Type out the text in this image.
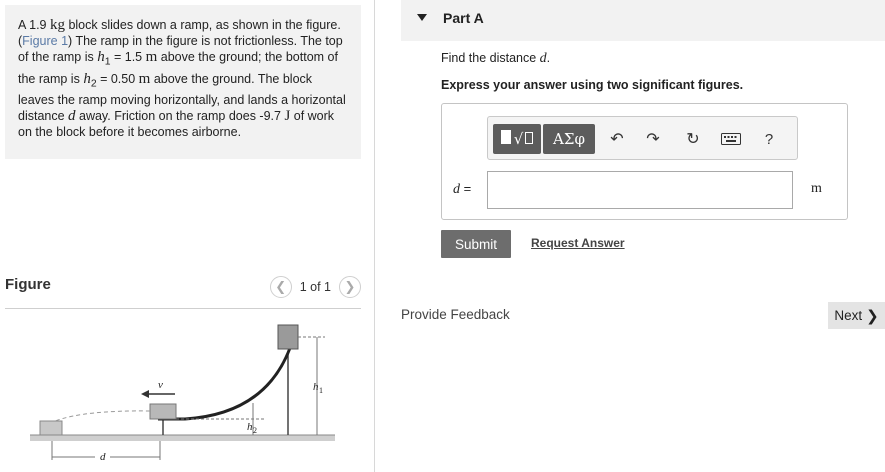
A 1.9 kg block slides down a ramp, as shown in the figure. (Figure 1) The ramp in the figure is not frictionless. The top of the ramp is $h_1 = 1.5$ m above the ground; the bottom of the ramp is $h_2 = 0.50$ m above the ground. The block leaves the ramp moving horizontally, and lands a horizontal distance d away. Friction on the ramp does -9.7 J of work on the block before it becomes airborne.
Figure	❮ 1 of 1 ❯
v	h 1
h 2
d
Part A
Find the distance d.
Express your answer using two significant figures.
√	ΑΣφ	↶ ↷ ↻	?
d =	m
Submit	Request Answer
Provide Feedback	Next ❯
